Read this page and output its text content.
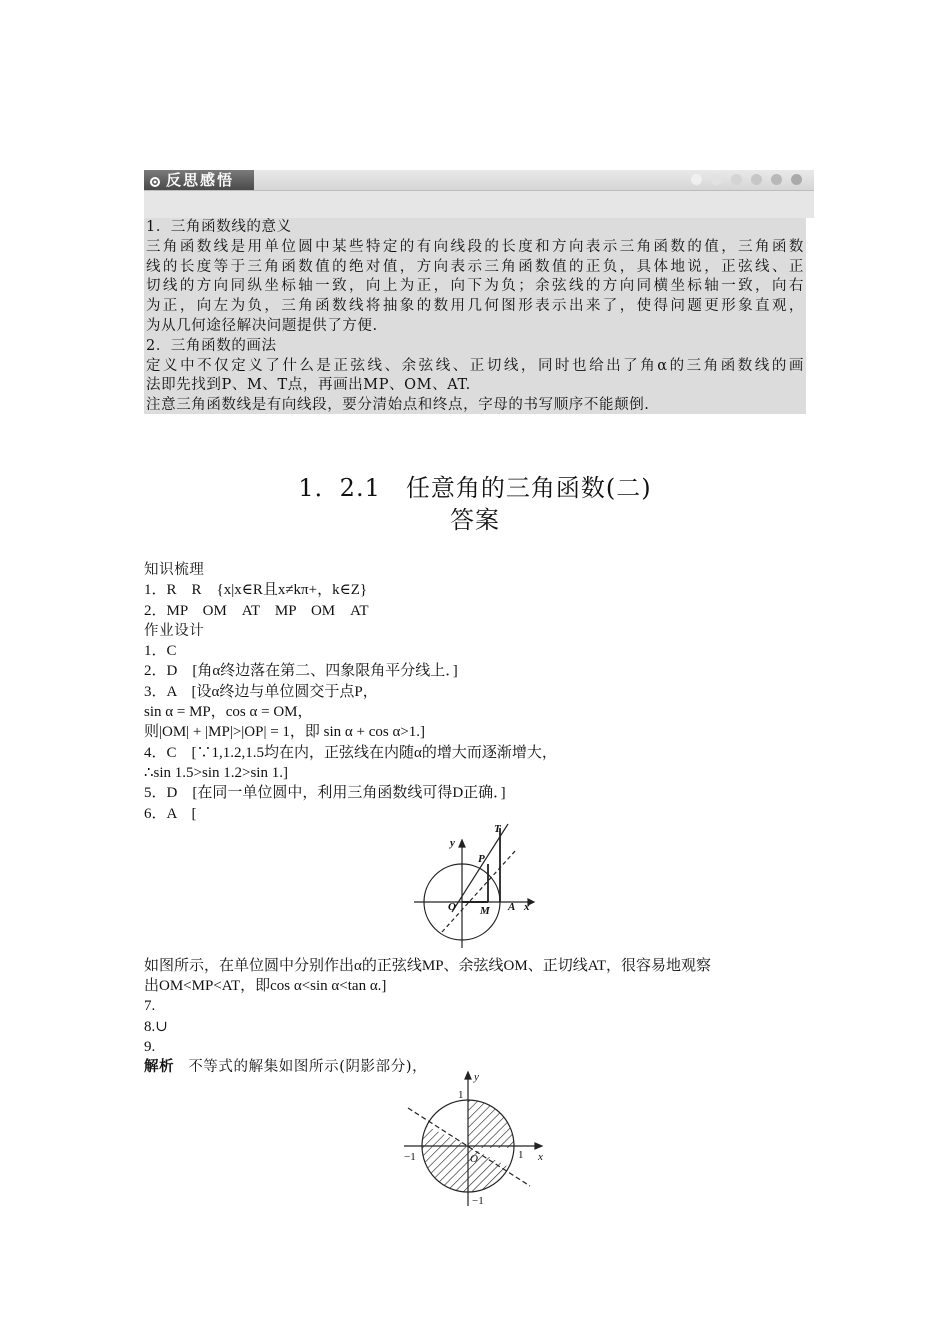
反思感悟

1．三角函数线的意义

三角函数线是用单位圆中某些特定的有向线段的长度和方向表示三角函数的值，三角函数

线的长度等于三角函数值的绝对值，方向表示三角函数值的正负，具体地说，正弦线、正

切线的方向同纵坐标轴一致，向上为正，向下为负；余弦线的方向同横坐标轴一致，向右

为正，向左为负，三角函数线将抽象的数用几何图形表示出来了，使得问题更形象直观，

为从几何途径解决问题提供了方便.

2．三角函数的画法

定义中不仅定义了什么是正弦线、余弦线、正切线，同时也给出了角α的三角函数线的画

法即先找到P、M、T点，再画出MP、OM、AT.

注意三角函数线是有向线段，要分清始点和终点，字母的书写顺序不能颠倒.

1．2.1　任意角的三角函数(二)
答案

知识梳理

1．R　R　{x|x∈R且x≠kπ+，k∈Z}

2．MP　OM　AT　MP　OM　AT

作业设计

1．C

2．D　[角α终边落在第二、四象限角平分线上．]

3．A　[设α终边与单位圆交于点P，

sin α = MP，cos α = OM，

则|OM| + |MP|>|OP| = 1，即 sin α + cos α>1.]

4．C　[∵1,1.2,1.5均在内，正弦线在内随α的增大而逐渐增大，

∴sin 1.5>sin 1.2>sin 1.]

5．D　[在同一单位圆中，利用三角函数线可得D正确．]

6．A　[

如图所示，在单位圆中分别作出α的正弦线MP、余弦线OM、正切线AT，很容易地观察

出OM<MP<AT，即cos α<sin α<tan α.]

7.

8.∪

9.

解析 不等式的解集如图所示(阴影部分)，

y
T
P
O M A x
y
1
−1	O	1 x
−1
